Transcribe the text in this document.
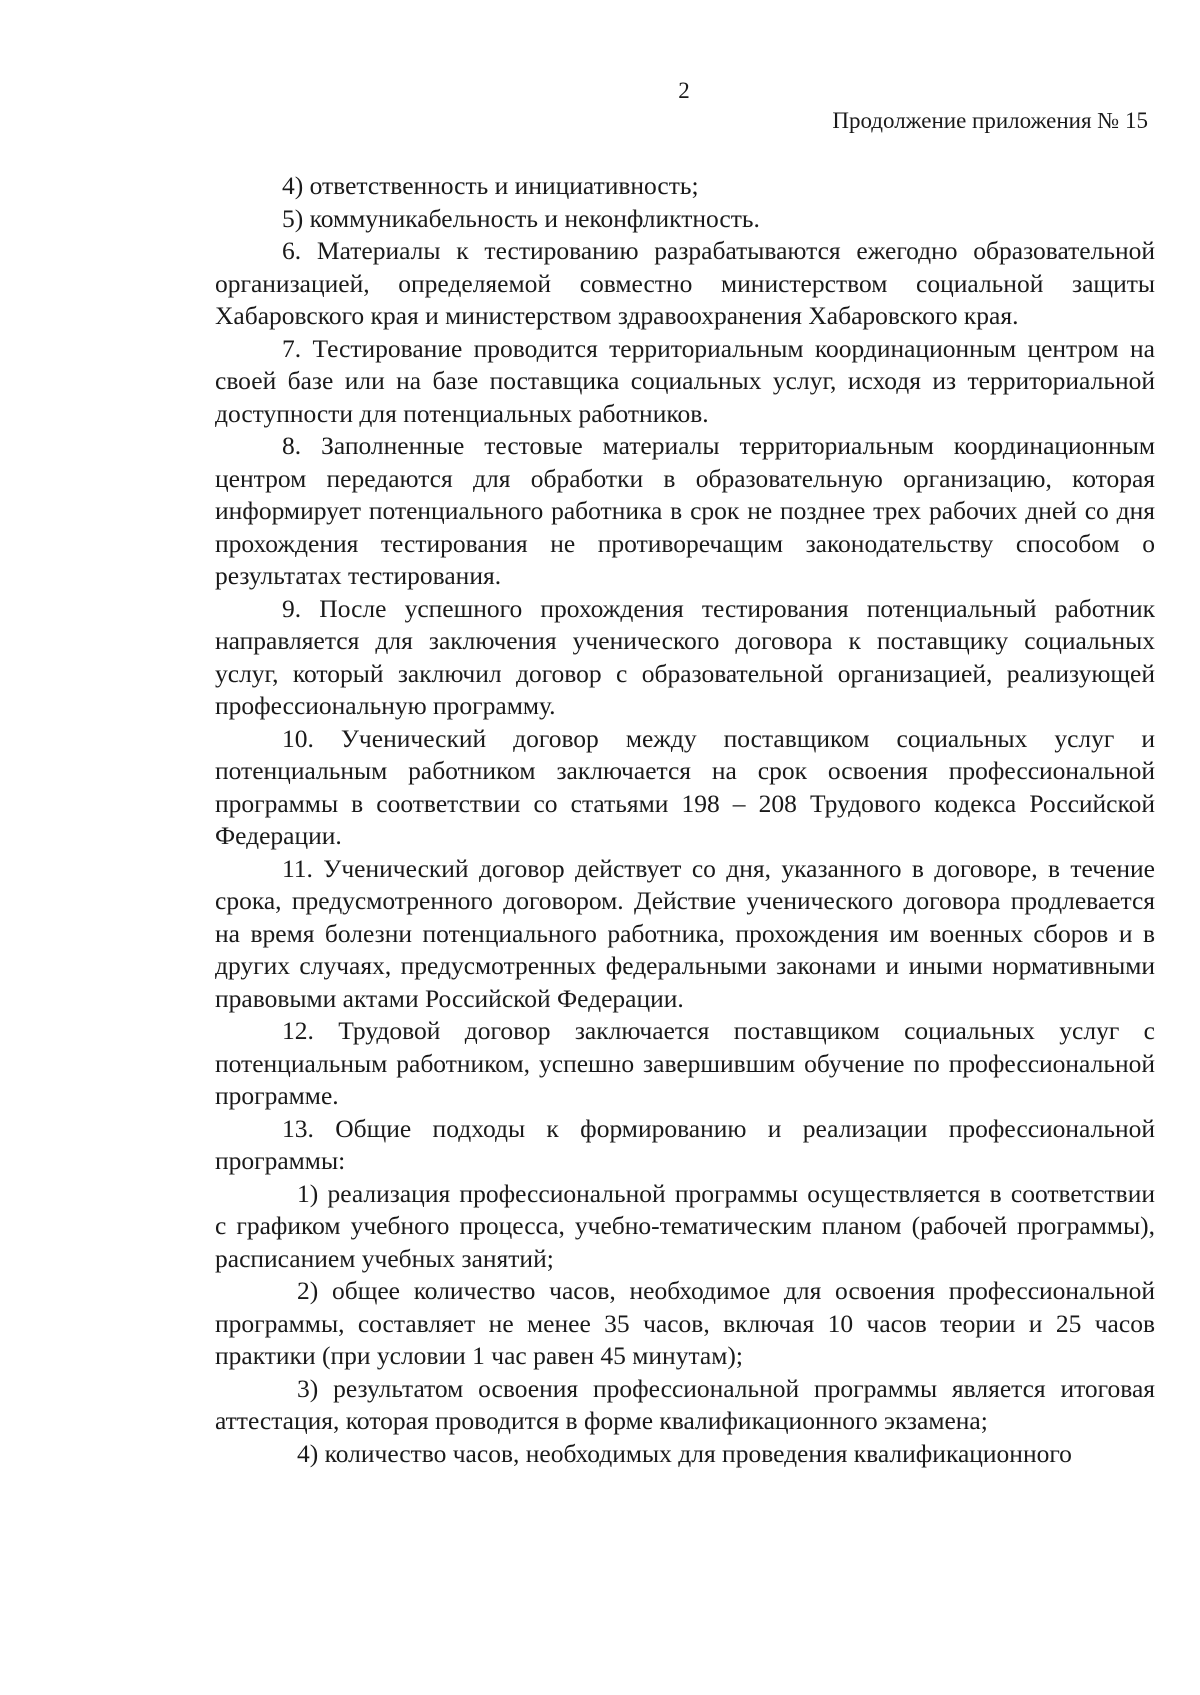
2
Продолжение приложения № 15

4) ответственность и инициативность;

5) коммуникабельность и неконфликтность.

6. Материалы к тестированию разрабатываются ежегодно образовательной организацией, определяемой совместно министерством социальной защиты Хабаровского края и министерством здравоохранения Хабаровского края.

7. Тестирование проводится территориальным координационным центром на своей базе или на базе поставщика социальных услуг, исходя из территориальной доступности для потенциальных работников.

8. Заполненные тестовые материалы территориальным координационным центром передаются для обработки в образовательную организацию, которая информирует потенциального работника в срок не позднее трех рабочих дней со дня прохождения тестирования не противоречащим законодательству способом о результатах тестирования.

9. После успешного прохождения тестирования потенциальный работник направляется для заключения ученического договора к поставщику социальных услуг, который заключил договор с образовательной организацией, реализующей профессиональную программу.

10. Ученический договор между поставщиком социальных услуг и потенциальным работником заключается на срок освоения профессиональной программы в соответствии со статьями 198 – 208 Трудового кодекса Российской Федерации.

11. Ученический договор действует со дня, указанного в договоре, в течение срока, предусмотренного договором. Действие ученического договора продлевается на время болезни потенциального работника, прохождения им военных сборов и в других случаях, предусмотренных федеральными законами и иными нормативными правовыми актами Российской Федерации.

12. Трудовой договор заключается поставщиком социальных услуг с потенциальным работником, успешно завершившим обучение по профессиональной программе.

13. Общие подходы к формированию и реализации профессиональной программы:

1) реализация профессиональной программы осуществляется в соответствии с графиком учебного процесса, учебно-тематическим планом (рабочей программы), расписанием учебных занятий;

2) общее количество часов, необходимое для освоения профессиональной программы, составляет не менее 35 часов, включая 10 часов теории и 25 часов практики (при условии 1 час равен 45 минутам);

3) результатом освоения профессиональной программы является итоговая аттестация, которая проводится в форме квалификационного экзамена;

4) количество часов, необходимых для проведения квалификационного
